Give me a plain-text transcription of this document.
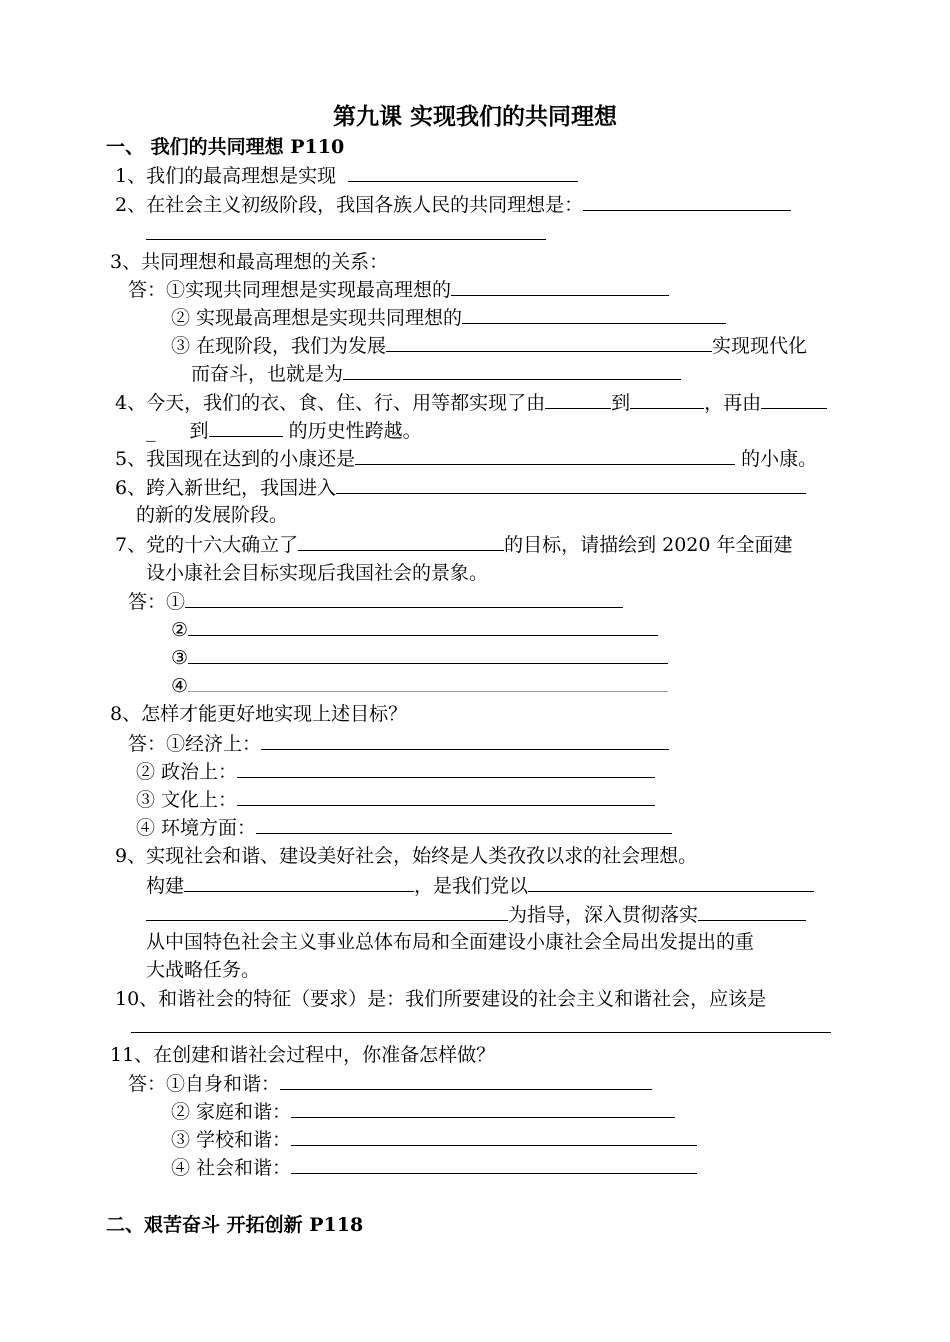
第九课 实现我们的共同理想
一、 我们的共同理想 P110
1、我们的最高理想是实现
2、在社会主义初级阶段，我国各族人民的共同理想是：
3、共同理想和最高理想的关系：
答：①实现共同理想是实现最高理想的
② 实现最高理想是实现共同理想的
③ 在现阶段，我们为发展	实现现代化
而奋斗，也就是为
4、今天，我们的衣、食、住、行、用等都实现了由	到	，再由
_ 到	的历史性跨越。
5、我国现在达到的小康还是	的小康。
6、跨入新世纪，我国进入
的新的发展阶段。
7、党的十六大确立了	的目标，请描绘到 2020 年全面建
设小康社会目标实现后我国社会的景象。
答：①
②
③
④
8、怎样才能更好地实现上述目标？
答：①经济上：
② 政治上：
③ 文化上：
④ 环境方面：
9、实现社会和谐、建设美好社会，始终是人类孜孜以求的社会理想。
构建	，是我们党以
为指导，深入贯彻落实
从中国特色社会主义事业总体布局和全面建设小康社会全局出发提出的重
大战略任务。
10、和谐社会的特征（要求）是：我们所要建设的社会主义和谐社会，应该是
11、在创建和谐社会过程中，你准备怎样做？
答：①自身和谐：
② 家庭和谐：
③ 学校和谐：
④ 社会和谐：
二、艰苦奋斗 开拓创新 P118
